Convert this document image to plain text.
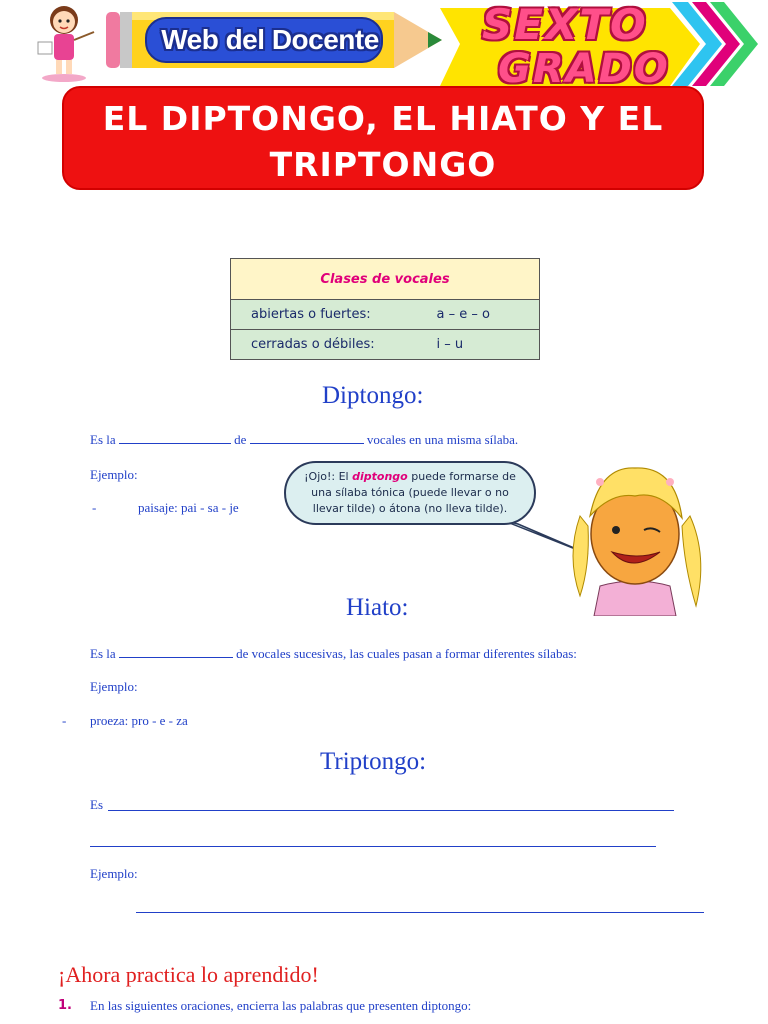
Web del Docente SEXTO
GRADO
EL DIPTONGO, EL HIATO Y EL TRIPTONGO
Clases de vocales	
abiertas o fuertes:	a – e – o
cerradas o débiles:	i – u
Diptongo:
Es la	de	vocales en una misma sílaba.
Ejemplo:
-	paisaje: pai - sa - je
¡Ojo!: El diptongo puede formarse de una sílaba tónica (puede llevar o no llevar tilde) o átona (no lleva tilde).
Hiato:
Es la	de vocales sucesivas, las cuales pasan a formar diferentes sílabas:
Ejemplo:
- proeza: pro - e - za
Triptongo:
Es
Ejemplo:
¡Ahora practica lo aprendido!
1. En las siguientes oraciones, encierra las palabras que presenten diptongo:
